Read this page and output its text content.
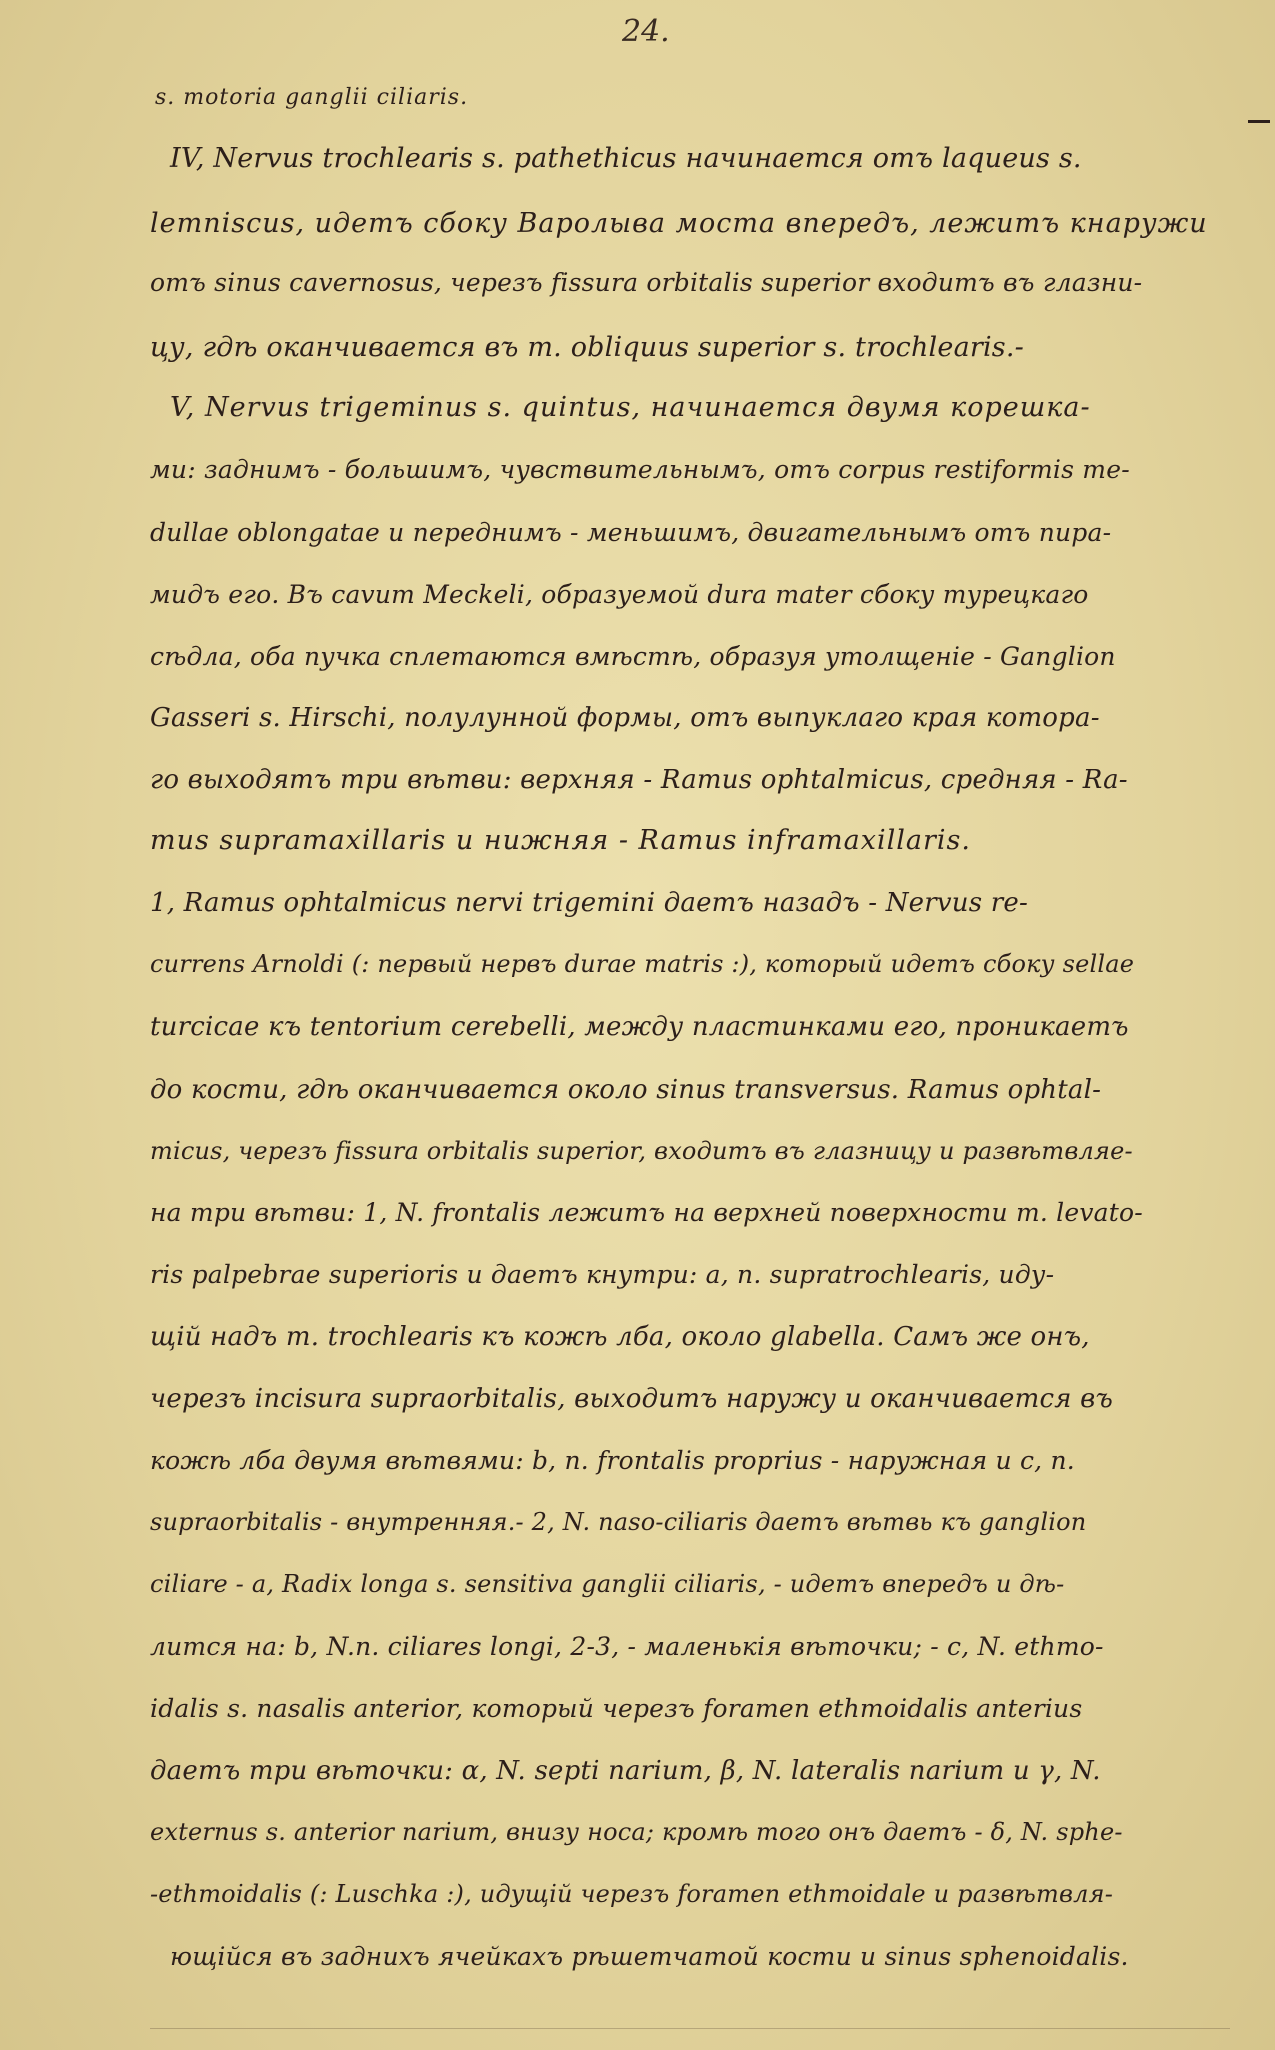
24.
s. motoria ganglii ciliaris.
IV, Nervus trochlearis s. pathethicus начинается отъ laqueus s.
lemniscus, идетъ сбоку Варолыва моста впередъ, лежитъ кнаружи
отъ sinus cavernosus, черезъ fissura orbitalis superior входитъ въ глазни-
цу, гдѣ оканчивается въ m. obliquus superior s. trochlearis.-
V, Nervus trigeminus s. quintus, начинается двумя корешка-
ми: заднимъ - большимъ, чувствительнымъ, отъ corpus restiformis me-
dullae oblongatae и переднимъ - меньшимъ, двигательнымъ отъ пира-
мидъ его. Въ cavum Meckeli, образуемой dura mater сбоку турецкаго
сѣдла, оба пучка сплетаются вмѣстѣ, образуя утолщеніе - Ganglion
Gasseri s. Hirschi, полулунной формы, отъ выпуклаго края котора-
го выходятъ три вѣтви: верхняя - Ramus ophtalmicus, средняя - Ra-
mus supramaxillaris и нижняя - Ramus inframaxillaris.
1, Ramus ophtalmicus nervi trigemini даетъ назадъ - Nervus re-
currens Arnoldi (: первый нервъ durae matris :), который идетъ сбоку sellae
turcicae къ tentorium cerebelli, между пластинками его, проникаетъ
до кости, гдѣ оканчивается около sinus transversus. Ramus ophtal-
micus, черезъ fissura orbitalis superior, входитъ въ глазницу и развѣтвляе-
на три вѣтви: 1, N. frontalis лежитъ на верхней поверхности m. levato-
ris palpebrae superioris и даетъ кнутри: a, n. supratrochlearis, иду-
щій надъ m. trochlearis къ кожѣ лба, около glabella. Самъ же онъ,
черезъ incisura supraorbitalis, выходитъ наружу и оканчивается въ
кожѣ лба двумя вѣтвями: b, n. frontalis proprius - наружная и c, n.
supraorbitalis - внутренняя.- 2, N. naso-ciliaris даетъ вѣтвь къ ganglion
ciliare - a, Radix longa s. sensitiva ganglii ciliaris, - идетъ впередъ и дѣ-
лится на: b, N.n. ciliares longi, 2-3, - маленькія вѣточки; - c, N. ethmo-
idalis s. nasalis anterior, который черезъ foramen ethmoidalis anterius
даетъ три вѣточки: α, N. septi narium, β, N. lateralis narium и γ, N.
externus s. anterior narium, внизу носа; кромѣ того онъ даетъ - δ, N. sphe-
-ethmoidalis (: Luschka :), идущій черезъ foramen ethmoidale и развѣтвля-
ющiйся въ заднихъ ячейкахъ рѣшетчатой кости и sinus sphenoidalis.
